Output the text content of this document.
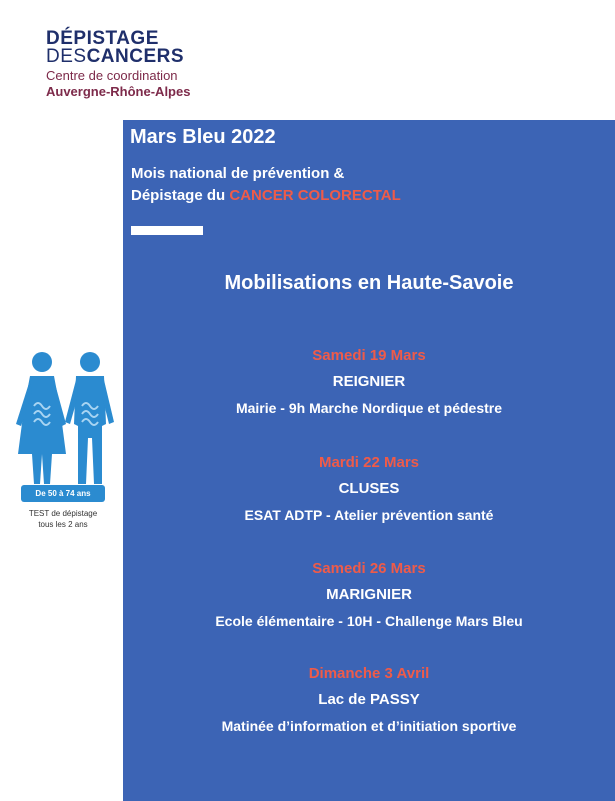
DÉPISTAGE
DESCANCERS
Centre de coordination
Auvergne-Rhône-Alpes
De 50 à 74 ans
TEST de dépistage
tous les 2 ans
Mars Bleu 2022
Mois national de prévention &
Dépistage du CANCER COLORECTAL
Mobilisations en Haute-Savoie
Samedi 19 Mars
REIGNIER
Mairie - 9h Marche Nordique et pédestre
Mardi 22 Mars
CLUSES
ESAT ADTP - Atelier prévention santé
Samedi 26 Mars
MARIGNIER
Ecole élémentaire - 10H - Challenge Mars Bleu
Dimanche 3 Avril
Lac de PASSY
Matinée d’information et d’initiation sportive
